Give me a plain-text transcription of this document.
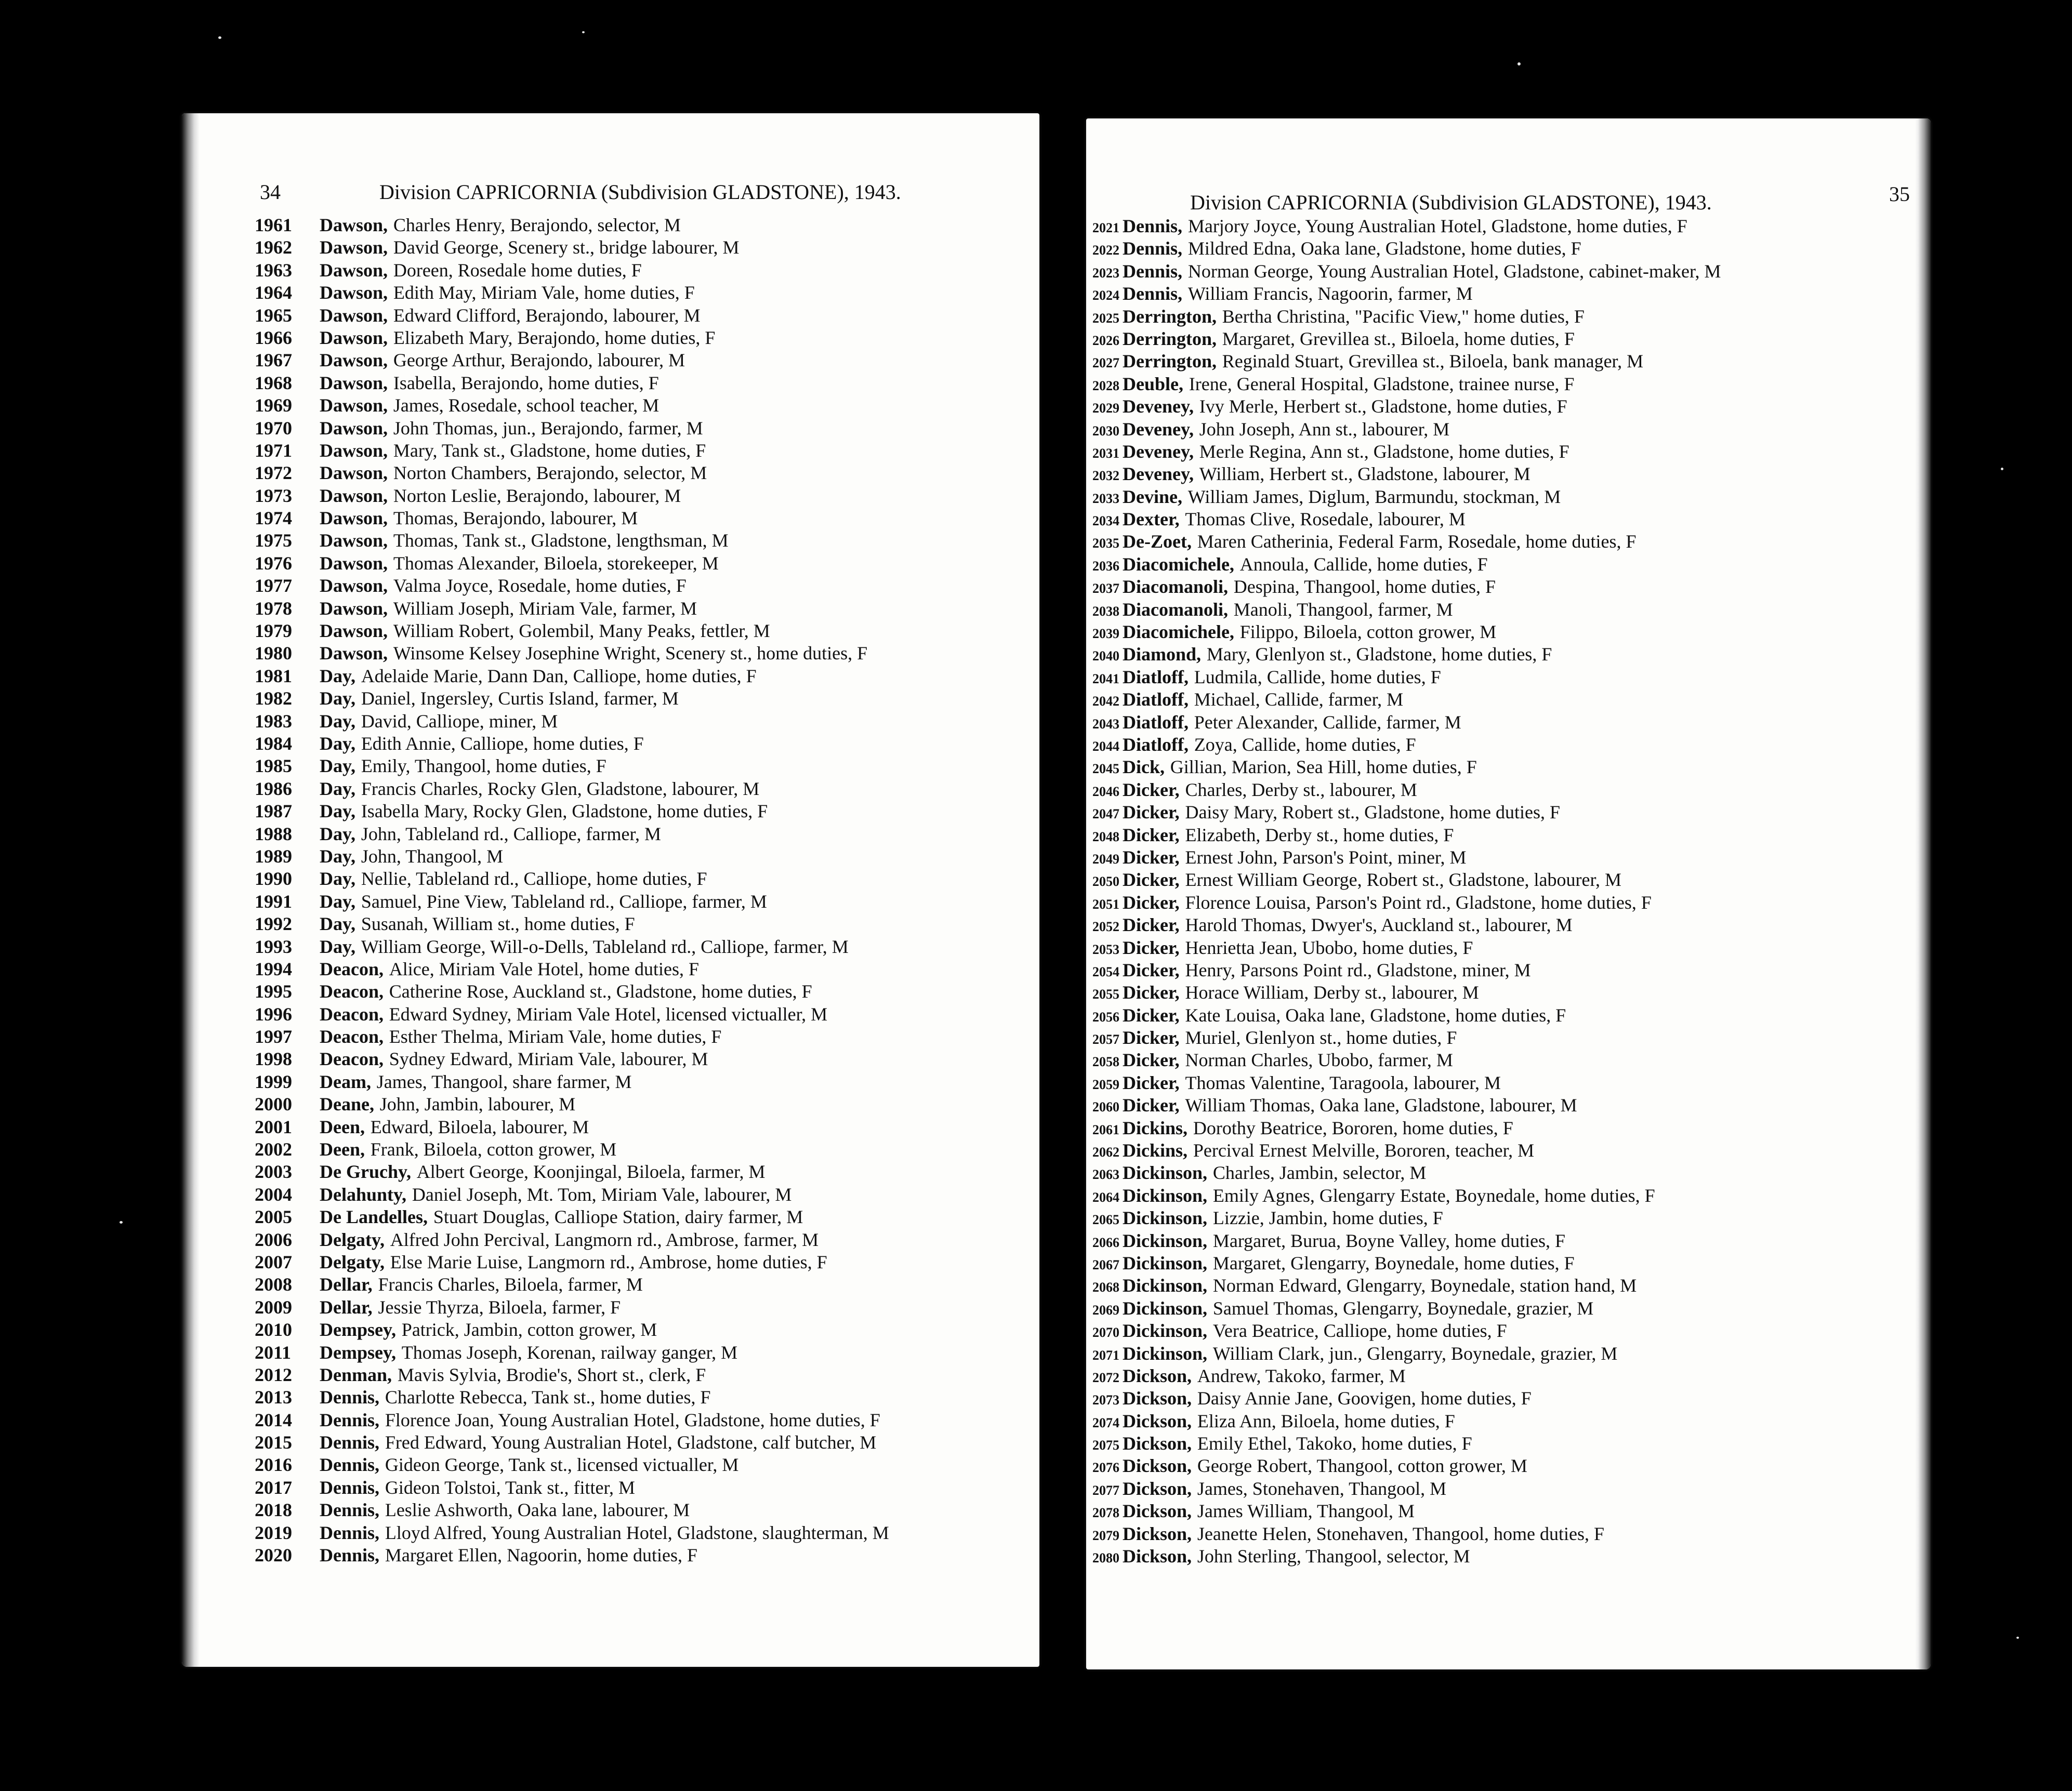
34	Division CAPRICORNIA (Subdivision GLADSTONE), 1943.
1961	Dawson, Charles Henry, Berajondo, selector, M
1962	Dawson, David George, Scenery st., bridge labourer, M
1963	Dawson, Doreen, Rosedale home duties, F
1964	Dawson, Edith May, Miriam Vale, home duties, F
1965	Dawson, Edward Clifford, Berajondo, labourer, M
1966	Dawson, Elizabeth Mary, Berajondo, home duties, F
1967	Dawson, George Arthur, Berajondo, labourer, M
1968	Dawson, Isabella, Berajondo, home duties, F
1969	Dawson, James, Rosedale, school teacher, M
1970	Dawson, John Thomas, jun., Berajondo, farmer, M
1971	Dawson, Mary, Tank st., Gladstone, home duties, F
1972	Dawson, Norton Chambers, Berajondo, selector, M
1973	Dawson, Norton Leslie, Berajondo, labourer, M
1974	Dawson, Thomas, Berajondo, labourer, M
1975	Dawson, Thomas, Tank st., Gladstone, lengthsman, M
1976	Dawson, Thomas Alexander, Biloela, storekeeper, M
1977	Dawson, Valma Joyce, Rosedale, home duties, F
1978	Dawson, William Joseph, Miriam Vale, farmer, M
1979	Dawson, William Robert, Golembil, Many Peaks, fettler, M
1980	Dawson, Winsome Kelsey Josephine Wright, Scenery st., home duties, F
1981	Day, Adelaide Marie, Dann Dan, Calliope, home duties, F
1982	Day, Daniel, Ingersley, Curtis Island, farmer, M
1983	Day, David, Calliope, miner, M
1984	Day, Edith Annie, Calliope, home duties, F
1985	Day, Emily, Thangool, home duties, F
1986	Day, Francis Charles, Rocky Glen, Gladstone, labourer, M
1987	Day, Isabella Mary, Rocky Glen, Gladstone, home duties, F
1988	Day, John, Tableland rd., Calliope, farmer, M
1989	Day, John, Thangool, M
1990	Day, Nellie, Tableland rd., Calliope, home duties, F
1991	Day, Samuel, Pine View, Tableland rd., Calliope, farmer, M
1992	Day, Susanah, William st., home duties, F
1993	Day, William George, Will-o-Dells, Tableland rd., Calliope, farmer, M
1994	Deacon, Alice, Miriam Vale Hotel, home duties, F
1995	Deacon, Catherine Rose, Auckland st., Gladstone, home duties, F
1996	Deacon, Edward Sydney, Miriam Vale Hotel, licensed victualler, M
1997	Deacon, Esther Thelma, Miriam Vale, home duties, F
1998	Deacon, Sydney Edward, Miriam Vale, labourer, M
1999	Deam, James, Thangool, share farmer, M
2000	Deane, John, Jambin, labourer, M
2001	Deen, Edward, Biloela, labourer, M
2002	Deen, Frank, Biloela, cotton grower, M
2003	De Gruchy, Albert George, Koonjingal, Biloela, farmer, M
2004	Delahunty, Daniel Joseph, Mt. Tom, Miriam Vale, labourer, M
2005	De Landelles, Stuart Douglas, Calliope Station, dairy farmer, M
2006	Delgaty, Alfred John Percival, Langmorn rd., Ambrose, farmer, M
2007	Delgaty, Else Marie Luise, Langmorn rd., Ambrose, home duties, F
2008	Dellar, Francis Charles, Biloela, farmer, M
2009	Dellar, Jessie Thyrza, Biloela, farmer, F
2010	Dempsey, Patrick, Jambin, cotton grower, M
2011	Dempsey, Thomas Joseph, Korenan, railway ganger, M
2012	Denman, Mavis Sylvia, Brodie's, Short st., clerk, F
2013	Dennis, Charlotte Rebecca, Tank st., home duties, F
2014	Dennis, Florence Joan, Young Australian Hotel, Gladstone, home duties, F
2015	Dennis, Fred Edward, Young Australian Hotel, Gladstone, calf butcher, M
2016	Dennis, Gideon George, Tank st., licensed victualler, M
2017	Dennis, Gideon Tolstoi, Tank st., fitter, M
2018	Dennis, Leslie Ashworth, Oaka lane, labourer, M
2019	Dennis, Lloyd Alfred, Young Australian Hotel, Gladstone, slaughterman, M
2020	Dennis, Margaret Ellen, Nagoorin, home duties, F
Division CAPRICORNIA (Subdivision GLADSTONE), 1943.	35
2021 Dennis, Marjory Joyce, Young Australian Hotel, Gladstone, home duties, F
2022 Dennis, Mildred Edna, Oaka lane, Gladstone, home duties, F
2023 Dennis, Norman George, Young Australian Hotel, Gladstone, cabinet-maker, M
2024 Dennis, William Francis, Nagoorin, farmer, M
2025 Derrington, Bertha Christina, "Pacific View," home duties, F
2026 Derrington, Margaret, Grevillea st., Biloela, home duties, F
2027 Derrington, Reginald Stuart, Grevillea st., Biloela, bank manager, M
2028 Deuble, Irene, General Hospital, Gladstone, trainee nurse, F
2029 Deveney, Ivy Merle, Herbert st., Gladstone, home duties, F
2030 Deveney, John Joseph, Ann st., labourer, M
2031 Deveney, Merle Regina, Ann st., Gladstone, home duties, F
2032 Deveney, William, Herbert st., Gladstone, labourer, M
2033 Devine, William James, Diglum, Barmundu, stockman, M
2034 Dexter, Thomas Clive, Rosedale, labourer, M
2035 De-Zoet, Maren Catherinia, Federal Farm, Rosedale, home duties, F
2036 Diacomichele, Annoula, Callide, home duties, F
2037 Diacomanoli, Despina, Thangool, home duties, F
2038 Diacomanoli, Manoli, Thangool, farmer, M
2039 Diacomichele, Filippo, Biloela, cotton grower, M
2040 Diamond, Mary, Glenlyon st., Gladstone, home duties, F
2041 Diatloff, Ludmila, Callide, home duties, F
2042 Diatloff, Michael, Callide, farmer, M
2043 Diatloff, Peter Alexander, Callide, farmer, M
2044 Diatloff, Zoya, Callide, home duties, F
2045 Dick, Gillian, Marion, Sea Hill, home duties, F
2046 Dicker, Charles, Derby st., labourer, M
2047 Dicker, Daisy Mary, Robert st., Gladstone, home duties, F
2048 Dicker, Elizabeth, Derby st., home duties, F
2049 Dicker, Ernest John, Parson's Point, miner, M
2050 Dicker, Ernest William George, Robert st., Gladstone, labourer, M
2051 Dicker, Florence Louisa, Parson's Point rd., Gladstone, home duties, F
2052 Dicker, Harold Thomas, Dwyer's, Auckland st., labourer, M
2053 Dicker, Henrietta Jean, Ubobo, home duties, F
2054 Dicker, Henry, Parsons Point rd., Gladstone, miner, M
2055 Dicker, Horace William, Derby st., labourer, M
2056 Dicker, Kate Louisa, Oaka lane, Gladstone, home duties, F
2057 Dicker, Muriel, Glenlyon st., home duties, F
2058 Dicker, Norman Charles, Ubobo, farmer, M
2059 Dicker, Thomas Valentine, Taragoola, labourer, M
2060 Dicker, William Thomas, Oaka lane, Gladstone, labourer, M
2061 Dickins, Dorothy Beatrice, Bororen, home duties, F
2062 Dickins, Percival Ernest Melville, Bororen, teacher, M
2063 Dickinson, Charles, Jambin, selector, M
2064 Dickinson, Emily Agnes, Glengarry Estate, Boynedale, home duties, F
2065 Dickinson, Lizzie, Jambin, home duties, F
2066 Dickinson, Margaret, Burua, Boyne Valley, home duties, F
2067 Dickinson, Margaret, Glengarry, Boynedale, home duties, F
2068 Dickinson, Norman Edward, Glengarry, Boynedale, station hand, M
2069 Dickinson, Samuel Thomas, Glengarry, Boynedale, grazier, M
2070 Dickinson, Vera Beatrice, Calliope, home duties, F
2071 Dickinson, William Clark, jun., Glengarry, Boynedale, grazier, M
2072 Dickson, Andrew, Takoko, farmer, M
2073 Dickson, Daisy Annie Jane, Goovigen, home duties, F
2074 Dickson, Eliza Ann, Biloela, home duties, F
2075 Dickson, Emily Ethel, Takoko, home duties, F
2076 Dickson, George Robert, Thangool, cotton grower, M
2077 Dickson, James, Stonehaven, Thangool, M
2078 Dickson, James William, Thangool, M
2079 Dickson, Jeanette Helen, Stonehaven, Thangool, home duties, F
2080 Dickson, John Sterling, Thangool, selector, M
